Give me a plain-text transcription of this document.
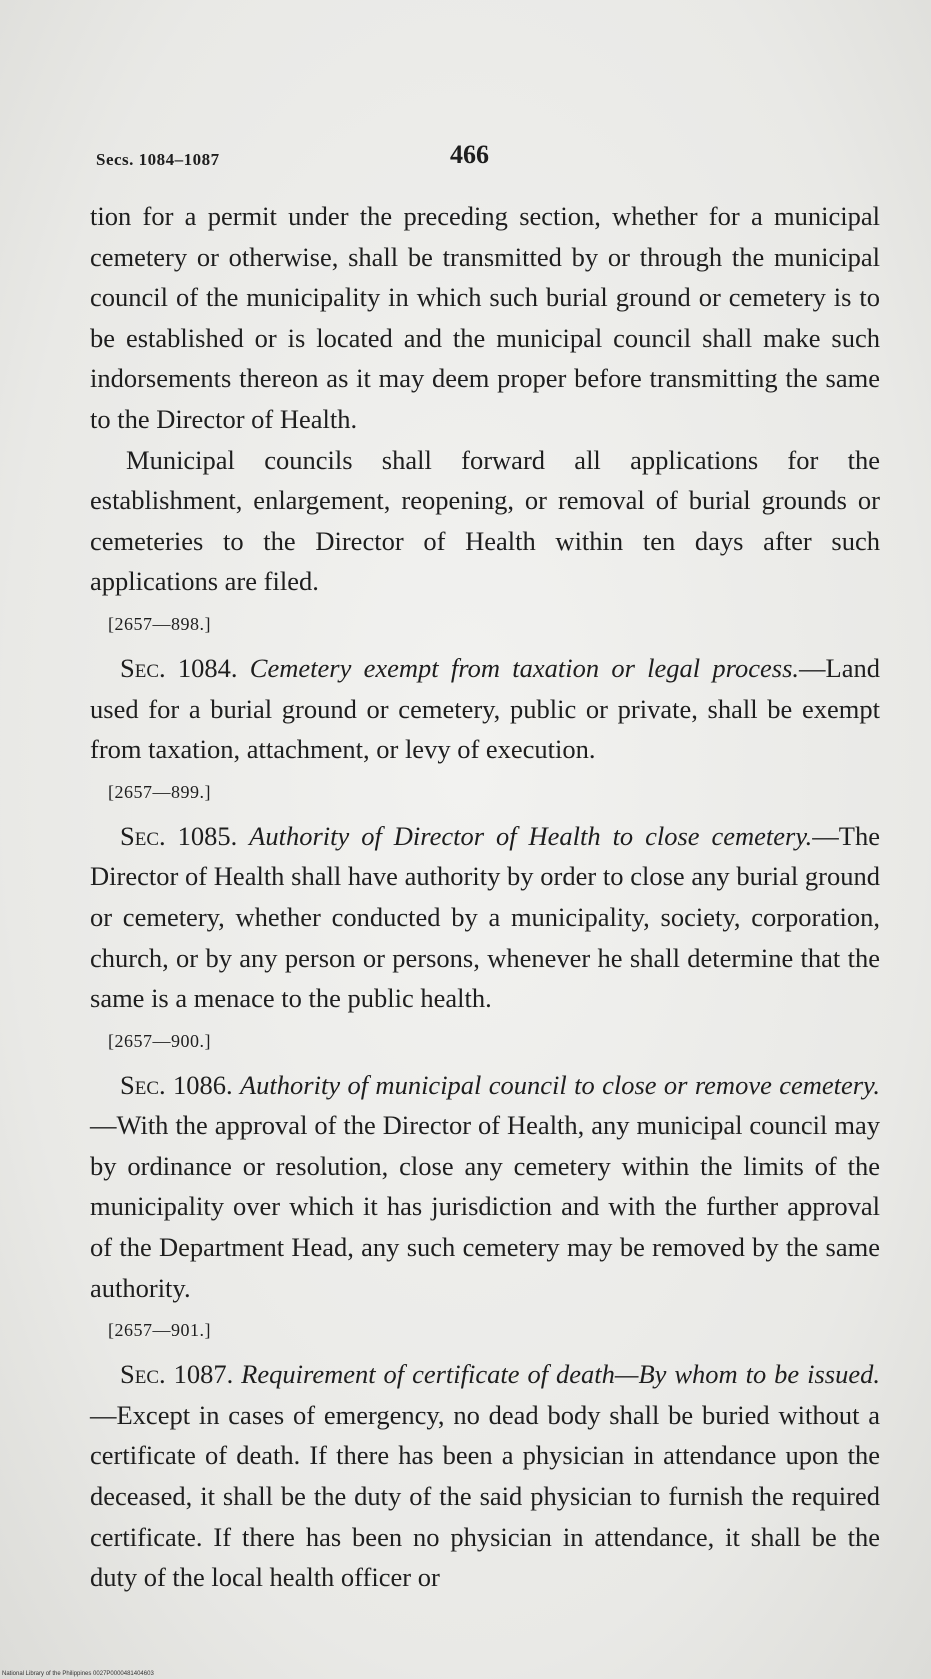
Secs. 1084–1087	466

tion for a permit under the preceding section, whether for a municipal cemetery or otherwise, shall be transmitted by or through the municipal council of the municipality in which such burial ground or cemetery is to be established or is located and the municipal council shall make such indorsements thereon as it may deem proper before transmitting the same to the Director of Health.

Municipal councils shall forward all applications for the establishment, enlargement, reopening, or removal of burial grounds or cemeteries to the Director of Health within ten days after such applications are filed.

[2657—898.]

Sec. 1084. Cemetery exempt from taxation or legal process.—Land used for a burial ground or cemetery, public or private, shall be exempt from taxation, attachment, or levy of execution.

[2657—899.]

Sec. 1085. Authority of Director of Health to close cemetery.—The Director of Health shall have authority by order to close any burial ground or cemetery, whether conducted by a municipality, society, corporation, church, or by any person or persons, whenever he shall determine that the same is a menace to the public health.

[2657—900.]

Sec. 1086. Authority of municipal council to close or remove cemetery.—With the approval of the Director of Health, any municipal council may by ordinance or resolution, close any cemetery within the limits of the municipality over which it has jurisdiction and with the further approval of the Department Head, any such cemetery may be removed by the same authority.

[2657—901.]

Sec. 1087. Requirement of certificate of death—By whom to be issued.—Except in cases of emergency, no dead body shall be buried without a certificate of death. If there has been a physician in attendance upon the deceased, it shall be the duty of the said physician to furnish the required certificate. If there has been no physician in attendance, it shall be the duty of the local health officer or

National Library of the Philippines 0027P0000481404603
